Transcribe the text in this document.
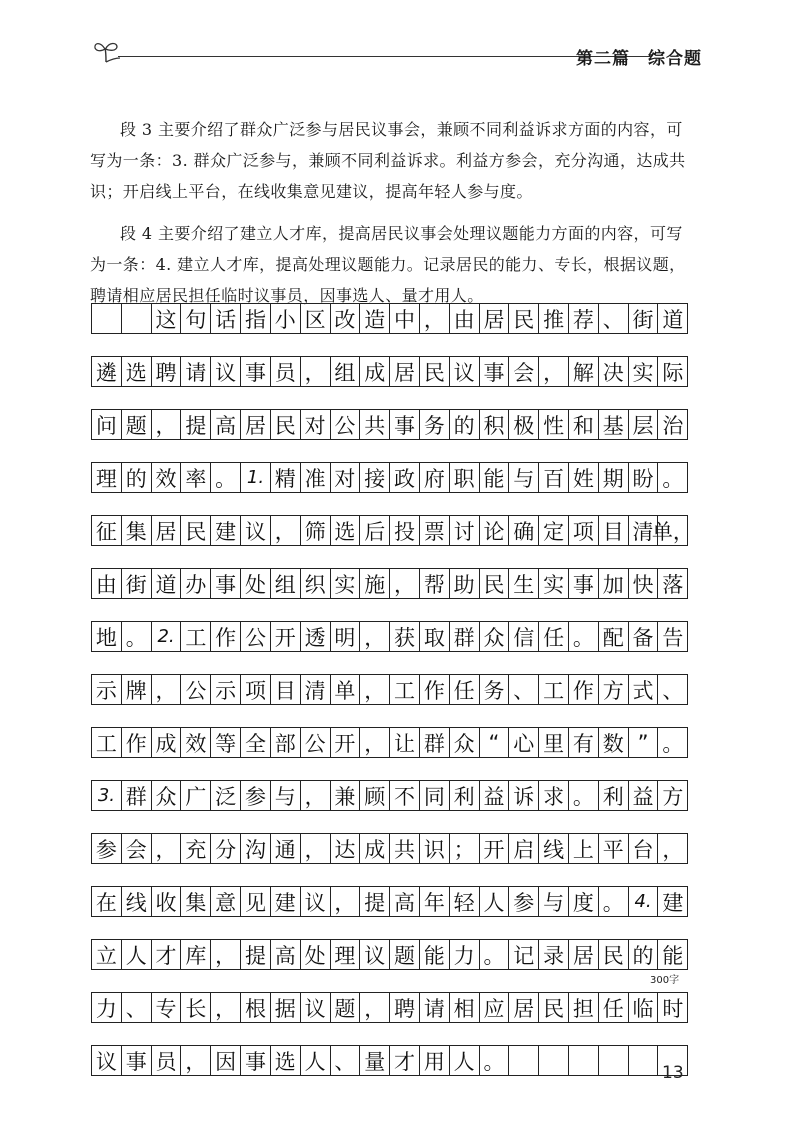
第二篇　综合题

段 3 主要介绍了群众广泛参与居民议事会，兼顾不同利益诉求方面的内容，可写为一条：3. 群众广泛参与，兼顾不同利益诉求。利益方参会，充分沟通，达成共识；开启线上平台，在线收集意见建议，提高年轻人参与度。

段 4 主要介绍了建立人才库，提高居民议事会处理议题能力方面的内容，可写为一条：4. 建立人才库，提高处理议题能力。记录居民的能力、专长，根据议题，聘请相应居民担任临时议事员，因事选人、量才用人。

这 句 话 指 小 区 改 造 中 ， 由 居 民 推 荐 、 街 道
遴 选 聘 请 议 事 员 ， 组 成 居 民 议 事 会 ， 解 决 实 际
问 题 ， 提 高 居 民 对 公 共 事 务 的 积 极 性 和 基 层 治
理 的 效 率 。 1. 精 准 对 接 政 府 职 能 与 百 姓 期 盼 。
征 集 居 民 建 议 ， 筛 选 后 投 票 讨 论 确 定 项 目 清
单，
由 街 道 办 事 处 组 织 实 施 ， 帮 助 民 生 实 事 加 快 落
地 。 2. 工 作 公 开 透 明 ， 获 取 群 众 信 任 。 配 备 告
示 牌 ， 公 示 项 目 清 单 ， 工 作 任 务 、 工 作 方 式 、
工 作 成 效 等 全 部 公 开 ， 让 群 众 “ 心 里 有 数 ” 。
3. 群 众 广 泛 参 与 ， 兼 顾 不 同 利 益 诉 求 。 利 益 方
参 会 ， 充 分 沟 通 ， 达 成 共 识 ； 开 启 线 上 平 台 ，
在 线 收 集 意 见 建 议 ， 提 高 年 轻 人 参 与 度 。 4. 建
立 人 才 库 ， 提 高 处 理 议 题 能 力 。 记 录 居 民 的 能
力 、 专 长 ， 根 据 议 题 ， 聘 请 相 应 居 民 担 任 临 时
议 事 员 ， 因 事 选 人 、 量 才 用 人 。
300字
13
